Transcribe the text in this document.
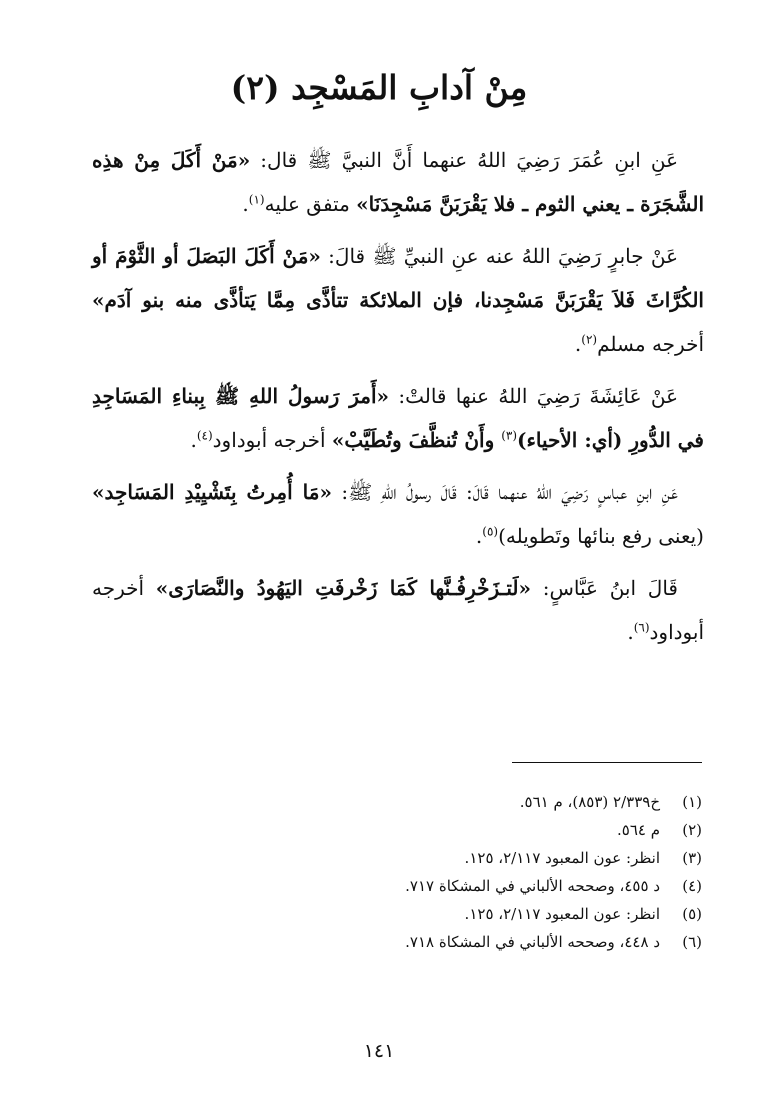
مِنْ آدابِ المَسْجِد (٢)

عَنِ ابنِ عُمَرَ رَضِيَ اللهُ عنهما أَنَّ النبيَّ ﷺ قال: «مَنْ أَكَلَ مِنْ هذِه الشَّجَرَة ـ يعني الثوم ـ فلا يَقْرَبَنَّ مَسْجِدَنَا» متفق عليه$^{(١)}$.

عَنْ جابرٍ رَضِيَ اللهُ عنه عنِ النبيِّ ﷺ قالَ: «مَنْ أَكَلَ البَصَلَ أو الثَّوْمَ أو الكُرَّاثَ فَلاَ يَقْرَبَنَّ مَسْجِدنا، فإن الملائكة تتأذَّى مِمَّا يَتأذَّى منه بنو آدَم» أخرجه مسلم$^{(٢)}$.

عَنْ عَائِشَةَ رَضِيَ اللهُ عنها قالتْ: «أَمرَ رَسولُ اللهِ ﷺ بِبناءِ المَسَاجِدِ في الدُّورِ (أي: الأحياء)$^{(٣)}$ وأَنْ تُنظَّفَ وتُطَيَّبْ» أخرجه أبوداود$^{(٤)}$.

عَنِ ابنِ عباسٍ رَضِيَ اللهُ عنهما قَالَ: قَالَ رسولُ اللهِ ﷺ: «مَا أُمِرتُ بِتَشْيِيْدِ المَسَاجِد» (يعنى رفع بنائها وتَطويله)$^{(٥)}$.

قَالَ ابنُ عَبَّاسٍ: «لَتـزَخْرِفُـنَّها كَمَا زَخْرفَتِ اليَهُودُ والنَّصَارَى» أخرجه أبوداود$^{(٦)}$.

(١)خ٢/٣٣٩ (٨٥٣)، م ٥٦١.
(٢)م ٥٦٤.
(٣)انظر: عون المعبود ٢/١١٧، ١٢٥.
(٤)د ٤٥٥، وصححه الألباني في المشكاة ٧١٧.
(٥)انظر: عون المعبود ٢/١١٧، ١٢٥.
(٦)د ٤٤٨، وصححه الألباني في المشكاة ٧١٨.
١٤١
